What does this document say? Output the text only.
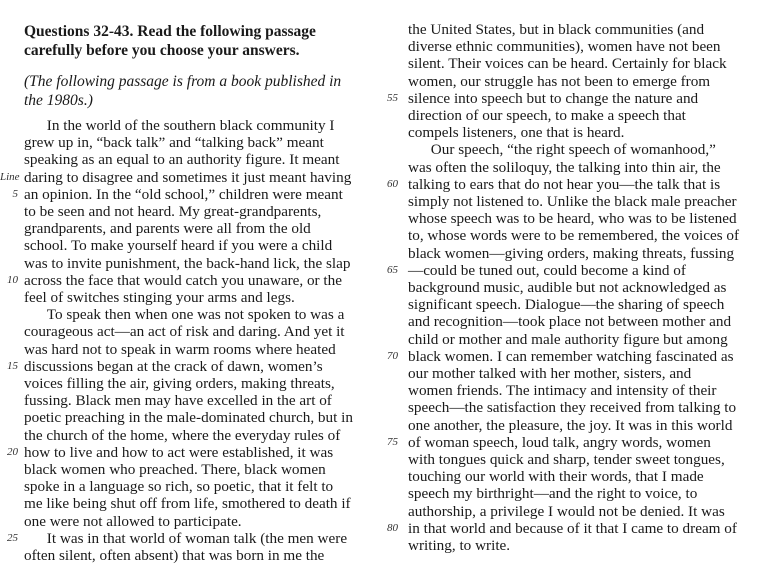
Questions 32-43. Read the following passage
carefully before you choose your answers.
(The following passage is from a book published in
the 1980s.)
  In the world of the southern black community I
grew up in, “back talk” and “talking back” meant
speaking as an equal to an authority figure. It meant
daring to disagree and sometimes it just meant having
an opinion. In the “old school,” children were meant
to be seen and not heard. My great-grandparents,
grandparents, and parents were all from the old
school. To make yourself heard if you were a child
was to invite punishment, the back-hand lick, the slap
across the face that would catch you unaware, or the
feel of switches stinging your arms and legs.
  To speak then when one was not spoken to was a
courageous act—an act of risk and daring. And yet it
was hard not to speak in warm rooms where heated
discussions began at the crack of dawn, women’s
voices filling the air, giving orders, making threats,
fussing. Black men may have excelled in the art of
poetic preaching in the male-dominated church, but in
the church of the home, where the everyday rules of
how to live and how to act were established, it was
black women who preached. There, black women
spoke in a language so rich, so poetic, that it felt to
me like being shut off from life, smothered to death if
one were not allowed to participate.
  It was in that world of woman talk (the men were
often silent, often absent) that was born in me the
the United States, but in black communities (and
diverse ethnic communities), women have not been
silent. Their voices can be heard. Certainly for black
women, our struggle has not been to emerge from
silence into speech but to change the nature and
direction of our speech, to make a speech that
compels listeners, one that is heard.
  Our speech, “the right speech of womanhood,”
was often the soliloquy, the talking into thin air, the
talking to ears that do not hear you—the talk that is
simply not listened to. Unlike the black male preacher
whose speech was to be heard, who was to be listened
to, whose words were to be remembered, the voices of
black women—giving orders, making threats, fussing
—could be tuned out, could become a kind of
background music, audible but not acknowledged as
significant speech. Dialogue—the sharing of speech
and recognition—took place not between mother and
child or mother and male authority figure but among
black women. I can remember watching fascinated as
our mother talked with her mother, sisters, and
women friends. The intimacy and intensity of their
speech—the satisfaction they received from talking to
one another, the pleasure, the joy. It was in this world
of woman speech, loud talk, angry words, women
with tongues quick and sharp, tender sweet tongues,
touching our world with their words, that I made
speech my birthright—and the right to voice, to
authorship, a privilege I would not be denied. It was
in that world and because of it that I came to dream of
writing, to write.
Line
5
10
15
20
25
55
60
65
70
75
80
